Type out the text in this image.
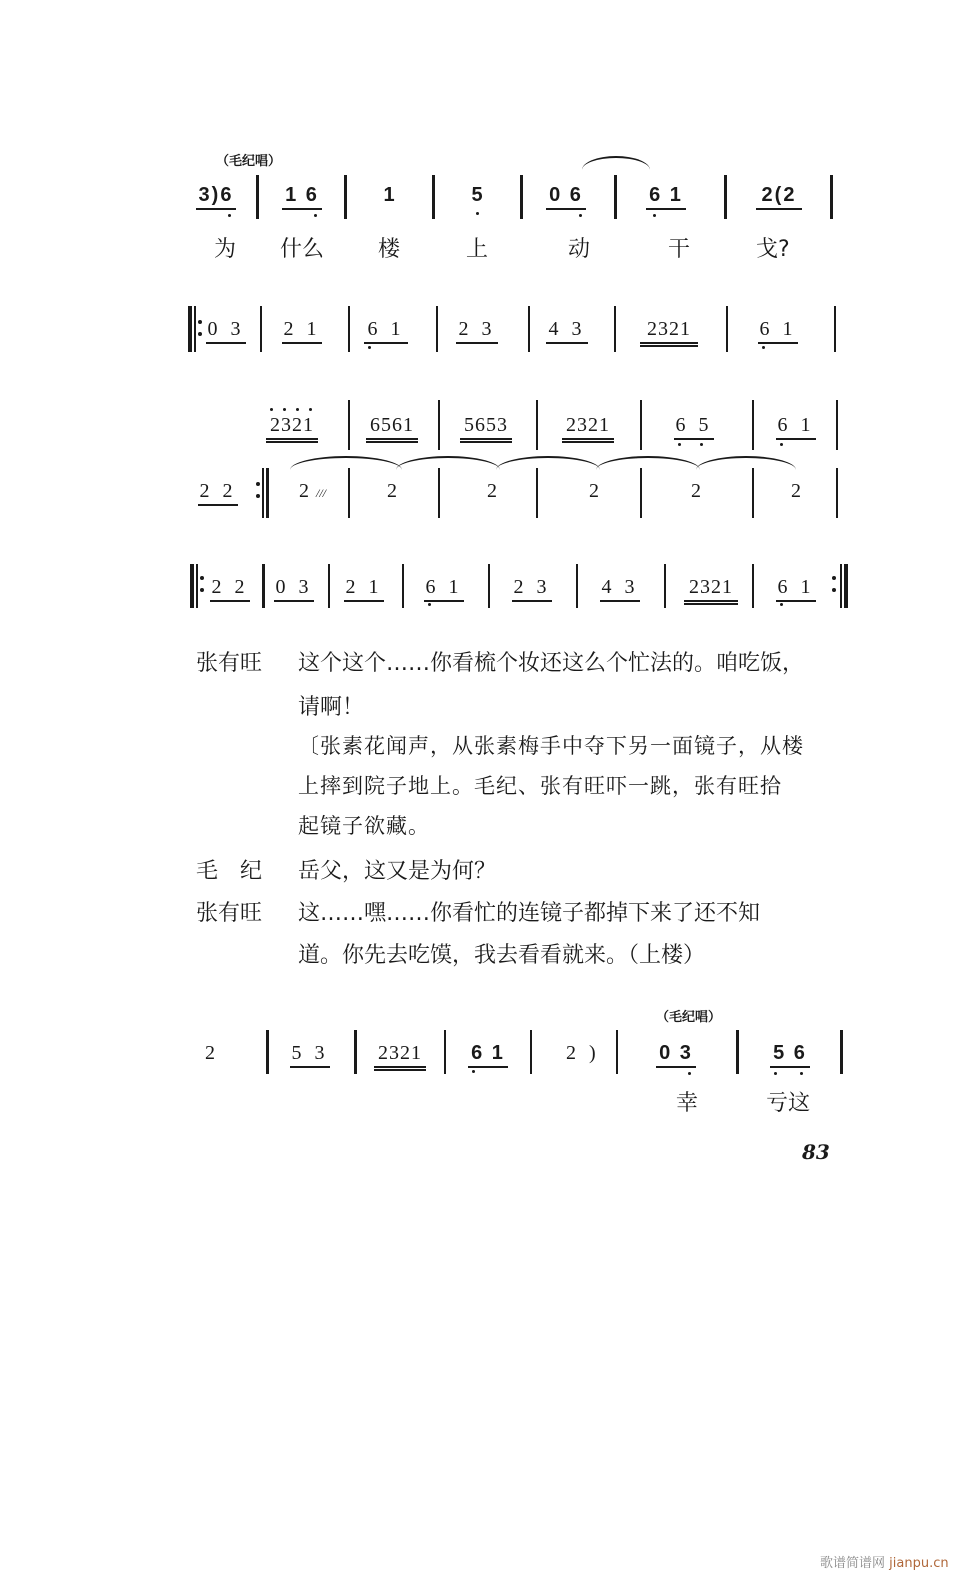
（毛纪唱）
3)6	1 6	1	5	0 6	6 1	2(2
为 什么 楼	上	动	干	戈?
0 3 2 1 6 1	2 3	4 3	2321	6 1
2321	6561	5653	2321	6 5	6 1
2 2	2 ///	2	2	2	2	2
2 2 0 3 2 1 6 1	2 3	4 3	2321 6 1
张有旺 这个这个……你看梳个妆还这么个忙法的。咱吃饭，
请啊！
〔张素花闻声，从张素梅手中夺下另一面镜子，从楼
上摔到院子地上。毛纪、张有旺吓一跳，张有旺拾
起镜子欲藏。
毛　纪 岳父，这又是为何？
张有旺 这……嘿……你看忙的连镜子都掉下来了还不知
道。你先去吃馍，我去看看就来。（上楼）
（毛纪唱）
2	5 3 2321 6 1	2 )	0 3	5 6
幸	亏这
83
歌谱简谱网 jianpu.cn
